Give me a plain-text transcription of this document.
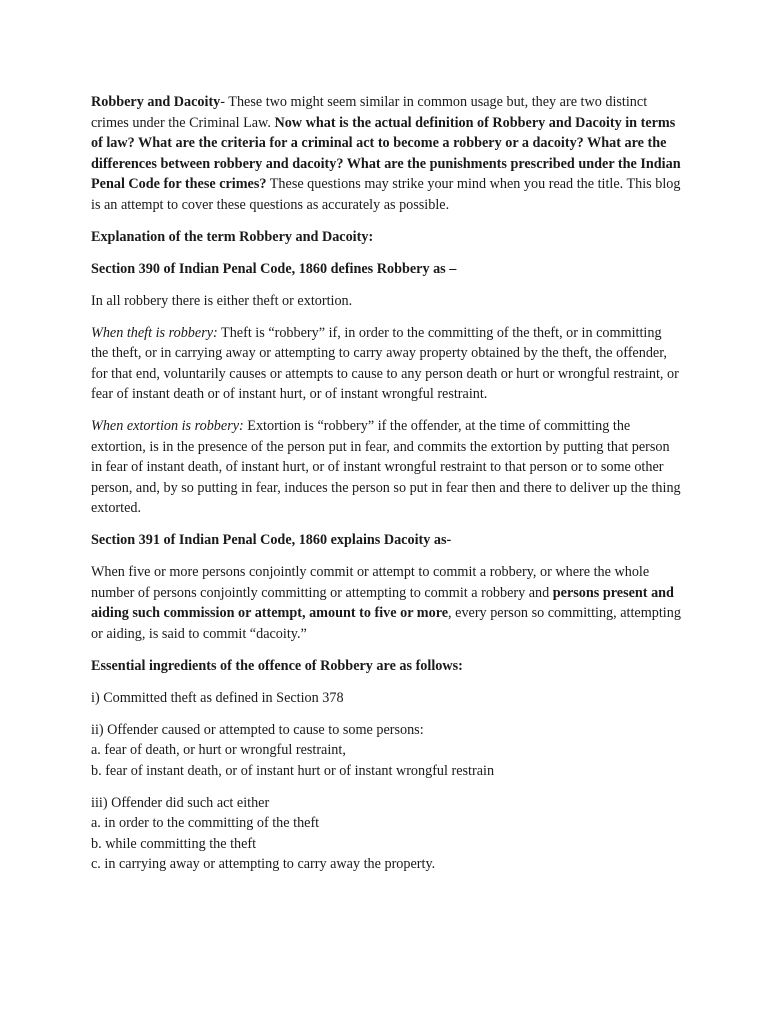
Robbery and Dacoity- These two might seem similar in common usage but, they are two distinct crimes under the Criminal Law. Now what is the actual definition of Robbery and Dacoity in terms of law? What are the criteria for a criminal act to become a robbery or a dacoity? What are the differences between robbery and dacoity? What are the punishments prescribed under the Indian Penal Code for these crimes? These questions may strike your mind when you read the title. This blog is an attempt to cover these questions as accurately as possible.

Explanation of the term Robbery and Dacoity:

Section 390 of Indian Penal Code, 1860 defines Robbery as –

In all robbery there is either theft or extortion.

When theft is robbery: Theft is “robbery” if, in order to the committing of the theft, or in committing the theft, or in carrying away or attempting to carry away property obtained by the theft, the offender, for that end, voluntarily causes or attempts to cause to any person death or hurt or wrongful restraint, or fear of instant death or of instant hurt, or of instant wrongful restraint.

When extortion is robbery: Extortion is “robbery” if the offender, at the time of committing the extortion, is in the presence of the person put in fear, and commits the extortion by putting that person in fear of instant death, of instant hurt, or of instant wrongful restraint to that person or to some other person, and, by so putting in fear, induces the person so put in fear then and there to deliver up the thing extorted.

Section 391 of Indian Penal Code, 1860 explains Dacoity as-

When five or more persons conjointly commit or attempt to commit a robbery, or where the whole number of persons conjointly committing or attempting to commit a robbery and persons present and aiding such commission or attempt, amount to five or more, every person so committing, attempting or aiding, is said to commit “dacoity.”

Essential ingredients of the offence of Robbery are as follows:

i) Committed theft as defined in Section 378

ii) Offender caused or attempted to cause to some persons:
a. fear of death, or hurt or wrongful restraint,
b. fear of instant death, or of instant hurt or of instant wrongful restrain

iii) Offender did such act either
a. in order to the committing of the theft
b. while committing the theft
c. in carrying away or attempting to carry away the property.
